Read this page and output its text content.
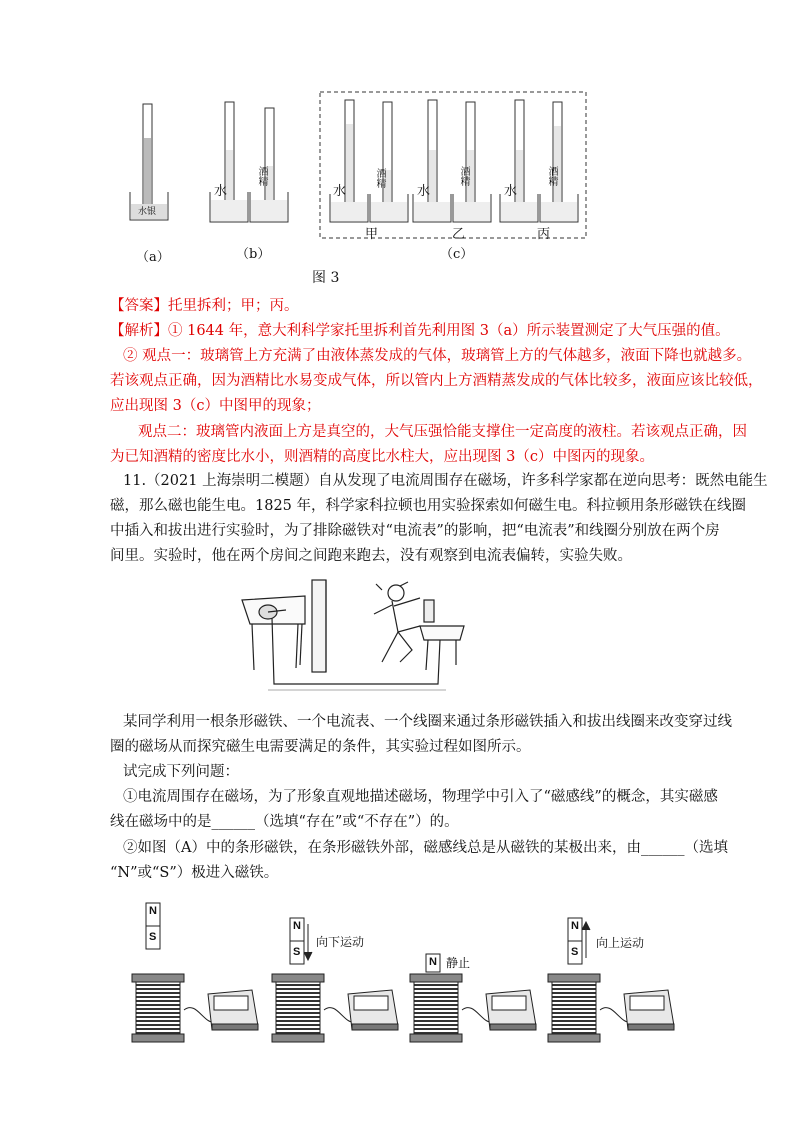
水银
水
酒精
水
酒精
水
酒精
水
酒精
甲	乙	丙
（a）	（b）	（c）
图 3
【答案】托里拆利；甲；丙。
【解析】① 1644 年，意大利科学家托里拆利首先利用图 3（a）所示装置测定了大气压强的值。
② 观点一：玻璃管上方充满了由液体蒸发成的气体，玻璃管上方的气体越多，液面下降也就越多。
若该观点正确，因为酒精比水易变成气体，所以管内上方酒精蒸发成的气体比较多，液面应该比较低，
应出现图 3（c）中图甲的现象；
观点二：玻璃管内液面上方是真空的，大气压强恰能支撑住一定高度的液柱。若该观点正确，因
为已知酒精的密度比水小，则酒精的高度比水柱大，应出现图 3（c）中图丙的现象。
11.（2021 上海崇明二模题）自从发现了电流周围存在磁场，许多科学家都在逆向思考：既然电能生
磁，那么磁也能生电。1825 年，科学家科拉顿也用实验探索如何磁生电。科拉顿用条形磁铁在线圈
中插入和拔出进行实验时，为了排除磁铁对“电流表”的影响，把“电流表”和线圈分别放在两个房
间里。实验时，他在两个房间之间跑来跑去，没有观察到电流表偏转，实验失败。
某同学利用一根条形磁铁、一个电流表、一个线圈来通过条形磁铁插入和拔出线圈来改变穿过线
圈的磁场从而探究磁生电需要满足的条件，其实验过程如图所示。
试完成下列问题：
①电流周围存在磁场，为了形象直观地描述磁场，物理学中引入了“磁感线”的概念，其实磁感
线在磁场中的是______（选填“存在”或“不存在”）的。
②如图（A）中的条形磁铁，在条形磁铁外部，磁感线总是从磁铁的某极出来，由______（选填
“N”或“S”）极进入磁铁。
N
S
N
S
N
N
S
向下运动
静止
向上运动
